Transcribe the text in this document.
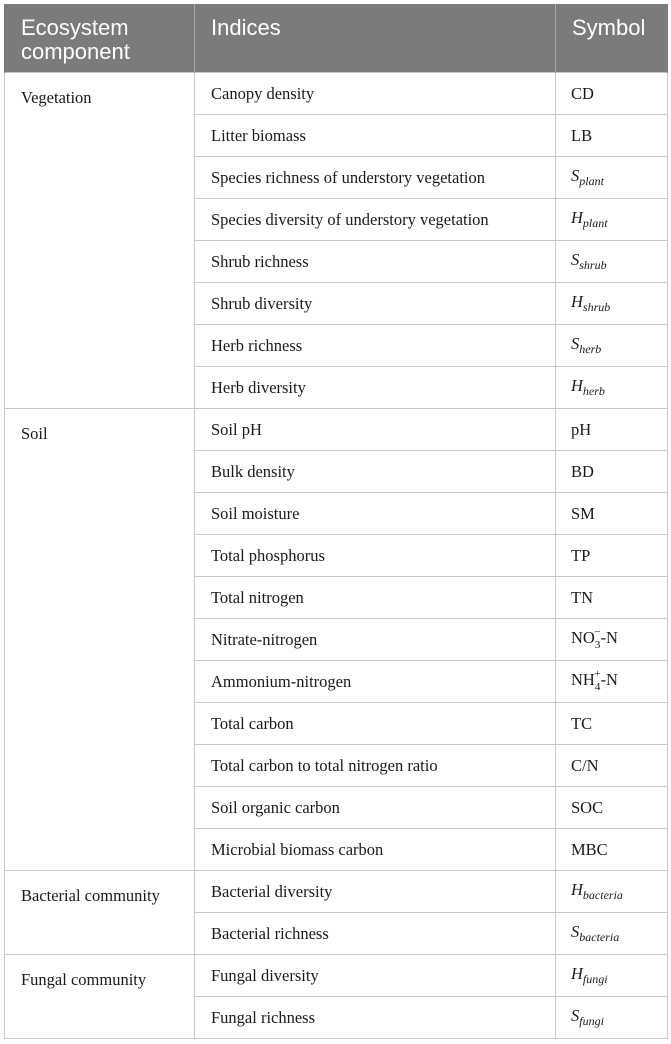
Ecosystem component	Indices	Symbol
Vegetation	Canopy density	CD
	Litter biomass	LB
	Species richness of understory vegetation	$S_{plant}$
	Species diversity of understory vegetation	$H_{plant}$
	Shrub richness	$S_{shrub}$
	Shrub diversity	$H_{shrub}$
	Herb richness	$S_{herb}$
	Herb diversity	$H_{herb}$
Soil	Soil pH	pH
	Bulk density	BD
	Soil moisture	SM
	Total phosphorus	TP
	Total nitrogen	TN
	Nitrate-nitrogen	$NO_3^--N$
	Ammonium-nitrogen	$NH_4^+-N$
	Total carbon	TC
	Total carbon to total nitrogen ratio	C/N
	Soil organic carbon	SOC
	Microbial biomass carbon	MBC
Bacterial community	Bacterial diversity	$H_{bacteria}$
	Bacterial richness	$S_{bacteria}$
Fungal community	Fungal diversity	$H_{fungi}$
	Fungal richness	$S_{fungi}$
